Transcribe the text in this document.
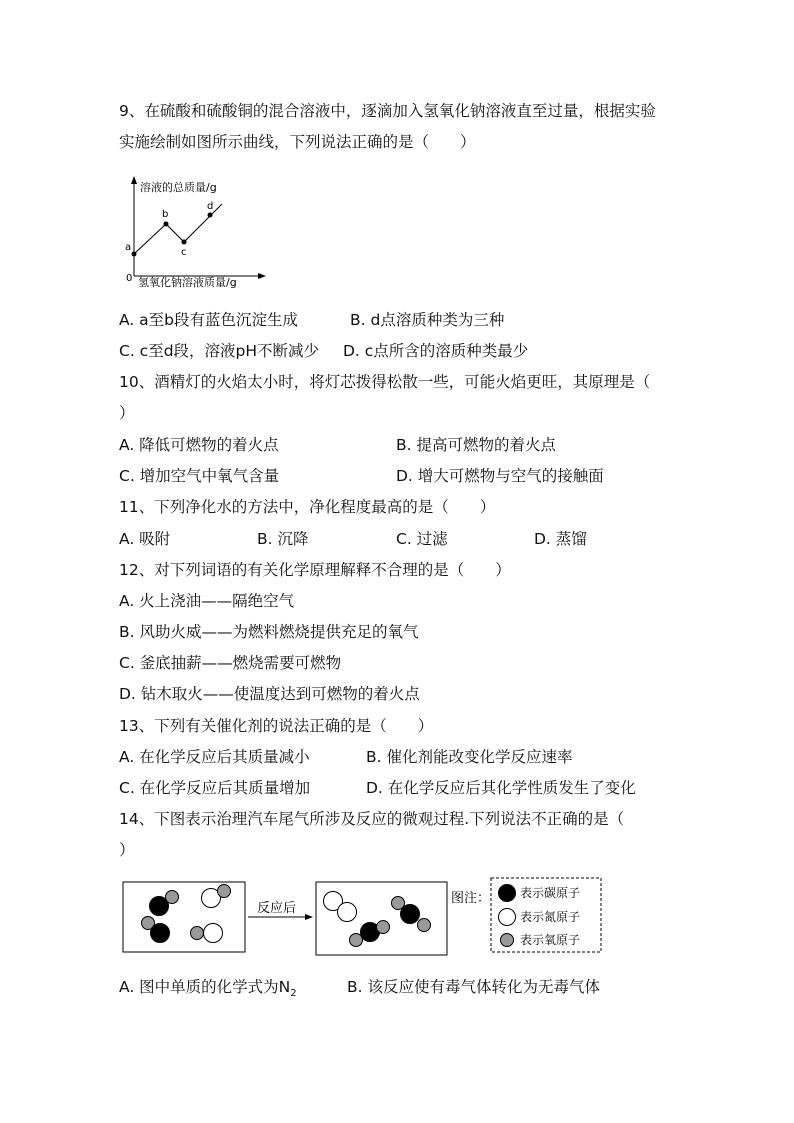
9、在硫酸和硫酸铜的混合溶液中，逐滴加入氢氧化钠溶液直至过量，根据实验
实施绘制如图所示曲线，下列说法正确的是（　　）
溶液的总质量/g
氢氧化钠溶液质量/g
0
a
b
c
d
A. a至b段有蓝色沉淀生成	B. d点溶质种类为三种
C. c至d段，溶液pH不断减少 D. c点所含的溶质种类最少
10、酒精灯的火焰太小时，将灯芯拨得松散一些，可能火焰更旺，其原理是（
）
A. 降低可燃物的着火点	B. 提高可燃物的着火点
C. 增加空气中氧气含量	D. 增大可燃物与空气的接触面
11、下列净化水的方法中，净化程度最高的是（　　）
A. 吸附	B. 沉降	C. 过滤	D. 蒸馏
12、对下列词语的有关化学原理解释不合理的是（　　）
A. 火上浇油——隔绝空气
B. 风助火威——为燃料燃烧提供充足的氧气
C. 釜底抽薪——燃烧需要可燃物
D. 钻木取火——使温度达到可燃物的着火点
13、下列有关催化剂的说法正确的是（　　）
A. 在化学反应后其质量减小	B. 催化剂能改变化学反应速率
C. 在化学反应后其质量增加	D. 在化学反应后其化学性质发生了变化
14、下图表示治理汽车尾气所涉及反应的微观过程.下列说法不正确的是（
）
反应后
图注： 表示碳原子
表示氮原子
表示氧原子
A. 图中单质的化学式为$N_2$	B. 该反应使有毒气体转化为无毒气体
